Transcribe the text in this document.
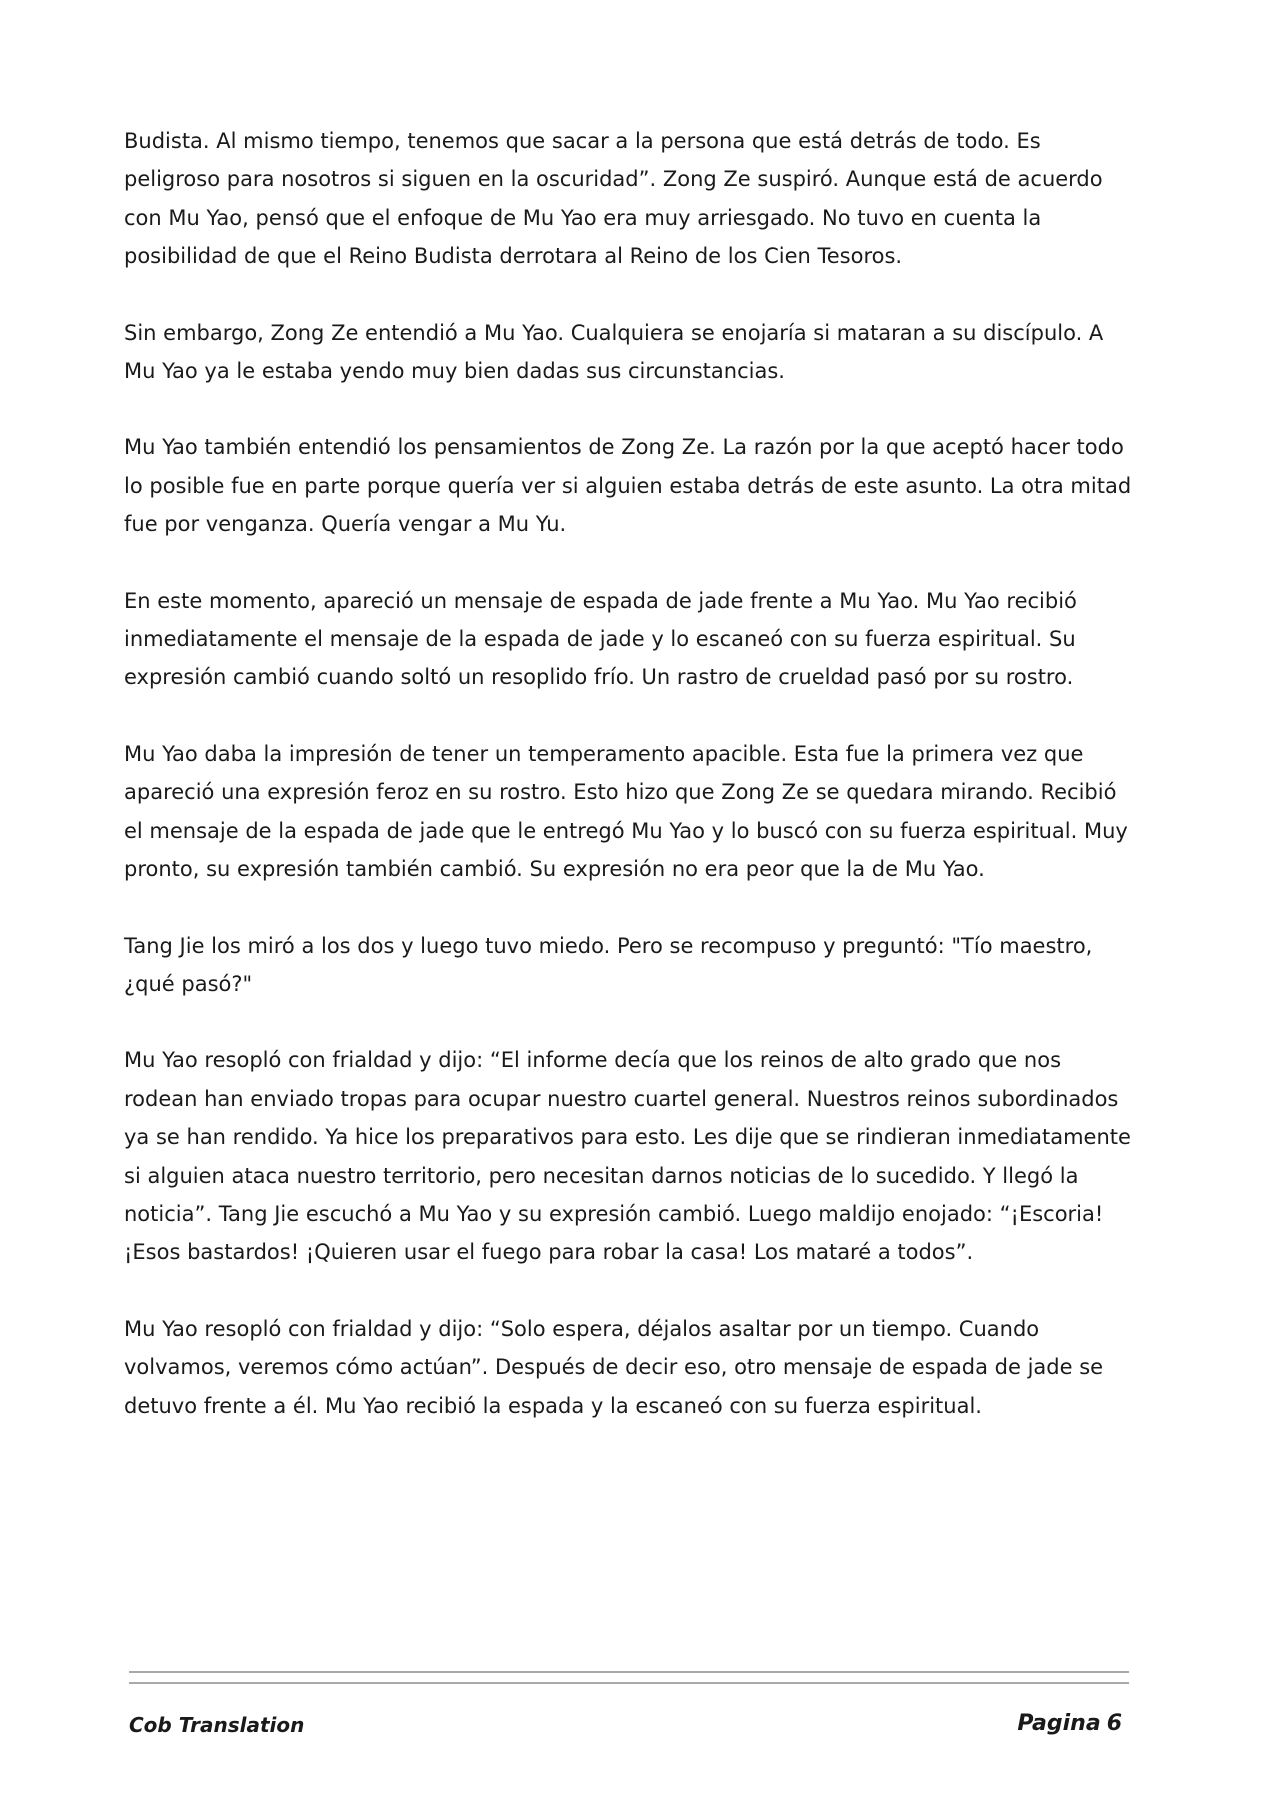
Budista. Al mismo tiempo, tenemos que sacar a la persona que está detrás de todo. Es peligroso para nosotros si siguen en la oscuridad”. Zong Ze suspiró. Aunque está de acuerdo con Mu Yao, pensó que el enfoque de Mu Yao era muy arriesgado. No tuvo en cuenta la posibilidad de que el Reino Budista derrotara al Reino de los Cien Tesoros.

Sin embargo, Zong Ze entendió a Mu Yao. Cualquiera se enojaría si mataran a su discípulo. A Mu Yao ya le estaba yendo muy bien dadas sus circunstancias.

Mu Yao también entendió los pensamientos de Zong Ze. La razón por la que aceptó hacer todo lo posible fue en parte porque quería ver si alguien estaba detrás de este asunto. La otra mitad fue por venganza. Quería vengar a Mu Yu.

En este momento, apareció un mensaje de espada de jade frente a Mu Yao. Mu Yao recibió inmediatamente el mensaje de la espada de jade y lo escaneó con su fuerza espiritual. Su expresión cambió cuando soltó un resoplido frío. Un rastro de crueldad pasó por su rostro.

Mu Yao daba la impresión de tener un temperamento apacible. Esta fue la primera vez que apareció una expresión feroz en su rostro. Esto hizo que Zong Ze se quedara mirando. Recibió el mensaje de la espada de jade que le entregó Mu Yao y lo buscó con su fuerza espiritual. Muy pronto, su expresión también cambió. Su expresión no era peor que la de Mu Yao.

Tang Jie los miró a los dos y luego tuvo miedo. Pero se recompuso y preguntó: "Tío maestro, ¿qué pasó?"

Mu Yao resopló con frialdad y dijo: “El informe decía que los reinos de alto grado que nos rodean han enviado tropas para ocupar nuestro cuartel general. Nuestros reinos subordinados ya se han rendido. Ya hice los preparativos para esto. Les dije que se rindieran inmediatamente si alguien ataca nuestro territorio, pero necesitan darnos noticias de lo sucedido. Y llegó la noticia”. Tang Jie escuchó a Mu Yao y su expresión cambió. Luego maldijo enojado: “¡Escoria! ¡Esos bastardos! ¡Quieren usar el fuego para robar la casa! Los mataré a todos”.

Mu Yao resopló con frialdad y dijo: “Solo espera, déjalos asaltar por un tiempo. Cuando volvamos, veremos cómo actúan”. Después de decir eso, otro mensaje de espada de jade se detuvo frente a él. Mu Yao recibió la espada y la escaneó con su fuerza espiritual.

Cob Translation	Pagina 6
